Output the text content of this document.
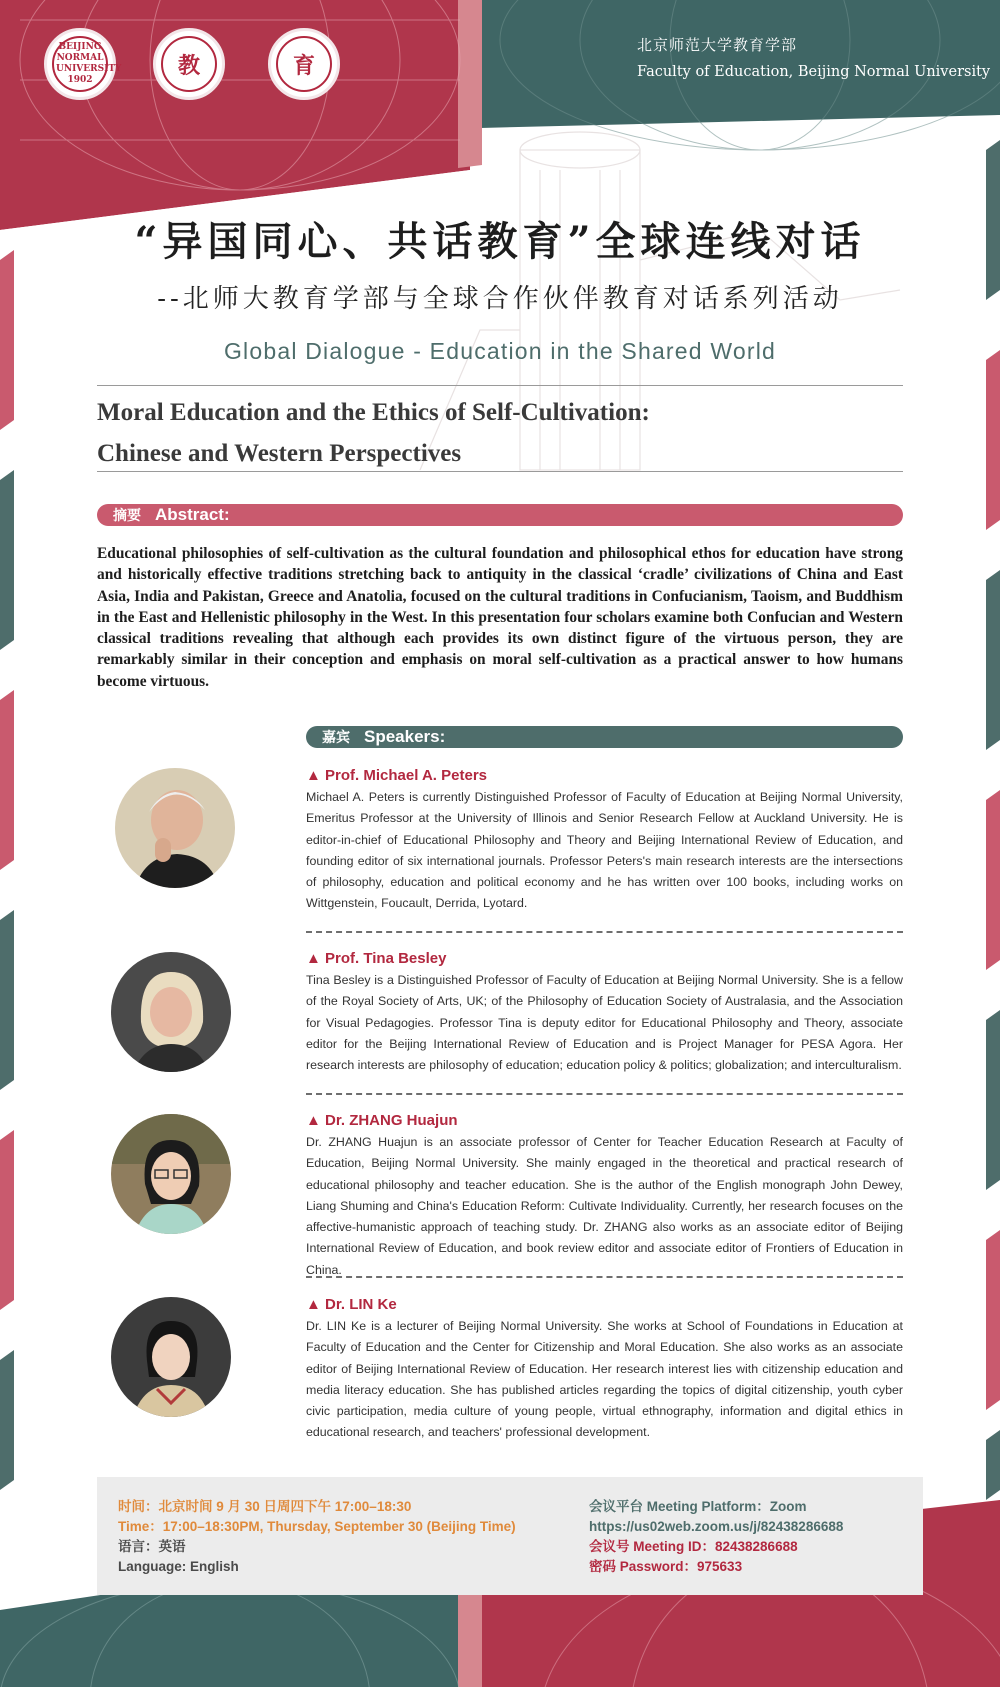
BEIJING NORMAL UNIVERSITY 1902
教	育
北京师范大学教育学部
Faculty of Education, Beijing Normal University
“异国同心、共话教育”全球连线对话
--北师大教育学部与全球合作伙伴教育对话系列活动
Global Dialogue - Education in the Shared World
Moral Education and the Ethics of Self-Cultivation:
Chinese and Western Perspectives
摘要 Abstract:
Educational philosophies of self-cultivation as the cultural foundation and philosophical ethos for education have strong and historically effective traditions stretching back to antiquity in the classical ‘cradle’ civilizations of China and East Asia, India and Pakistan, Greece and Anatolia, focused on the cultural traditions in Confucianism, Taoism, and Buddhism in the East and Hellenistic philosophy in the West. In this presentation four scholars examine both Confucian and Western classical traditions revealing that although each provides its own distinct figure of the virtuous person, they are remarkably similar in their conception and emphasis on moral self-cultivation as a practical answer to how humans become virtuous.
嘉宾 Speakers:
▲ Prof. Michael A. Peters
Michael A. Peters is currently Distinguished Professor of Faculty of Education at Beijing Normal University, Emeritus Professor at the University of Illinois and Senior Research Fellow at Auckland University. He is editor-in-chief of Educational Philosophy and Theory and Beijing International Review of Education, and founding editor of six international journals. Professor Peters's main research interests are the intersections of philosophy, education and political economy and he has written over 100 books, including works on Wittgenstein, Foucault, Derrida, Lyotard.
▲ Prof. Tina Besley
Tina Besley is a Distinguished Professor of Faculty of Education at Beijing Normal University. She is a fellow of the Royal Society of Arts, UK; of the Philosophy of Education Society of Australasia, and the Association for Visual Pedagogies. Professor Tina is deputy editor for Educational Philosophy and Theory, associate editor for the Beijing International Review of Education and is Project Manager for PESA Agora. Her research interests are philosophy of education; education policy & politics; globalization; and interculturalism.
▲ Dr. ZHANG Huajun
Dr. ZHANG Huajun is an associate professor of Center for Teacher Education Research at Faculty of Education, Beijing Normal University. She mainly engaged in the theoretical and practical research of educational philosophy and teacher education. She is the author of the English monograph John Dewey, Liang Shuming and China's Education Reform: Cultivate Individuality. Currently, her research focuses on the affective-humanistic approach of teaching study. Dr. ZHANG also works as an associate editor of Beijing International Review of Education, and book review editor and associate editor of Frontiers of Education in China.
▲ Dr. LIN Ke
Dr. LIN Ke is a lecturer of Beijing Normal University. She works at School of Foundations in Education at Faculty of Education and the Center for Citizenship and Moral Education. She also works as an associate editor of Beijing International Review of Education. Her research interest lies with citizenship education and media literacy education. She has published articles regarding the topics of digital citizenship, youth cyber civic participation, media culture of young people, virtual ethnography, information and digital ethics in educational research, and teachers' professional development.
时间：北京时间 9 月 30 日周四下午 17:00–18:30
Time：17:00–18:30PM, Thursday, September 30 (Beijing Time)
语言：英语
Language: English
会议平台 Meeting Platform：Zoom
https://us02web.zoom.us/j/82438286688
会议号 Meeting ID：82438286688
密码 Password：975633
